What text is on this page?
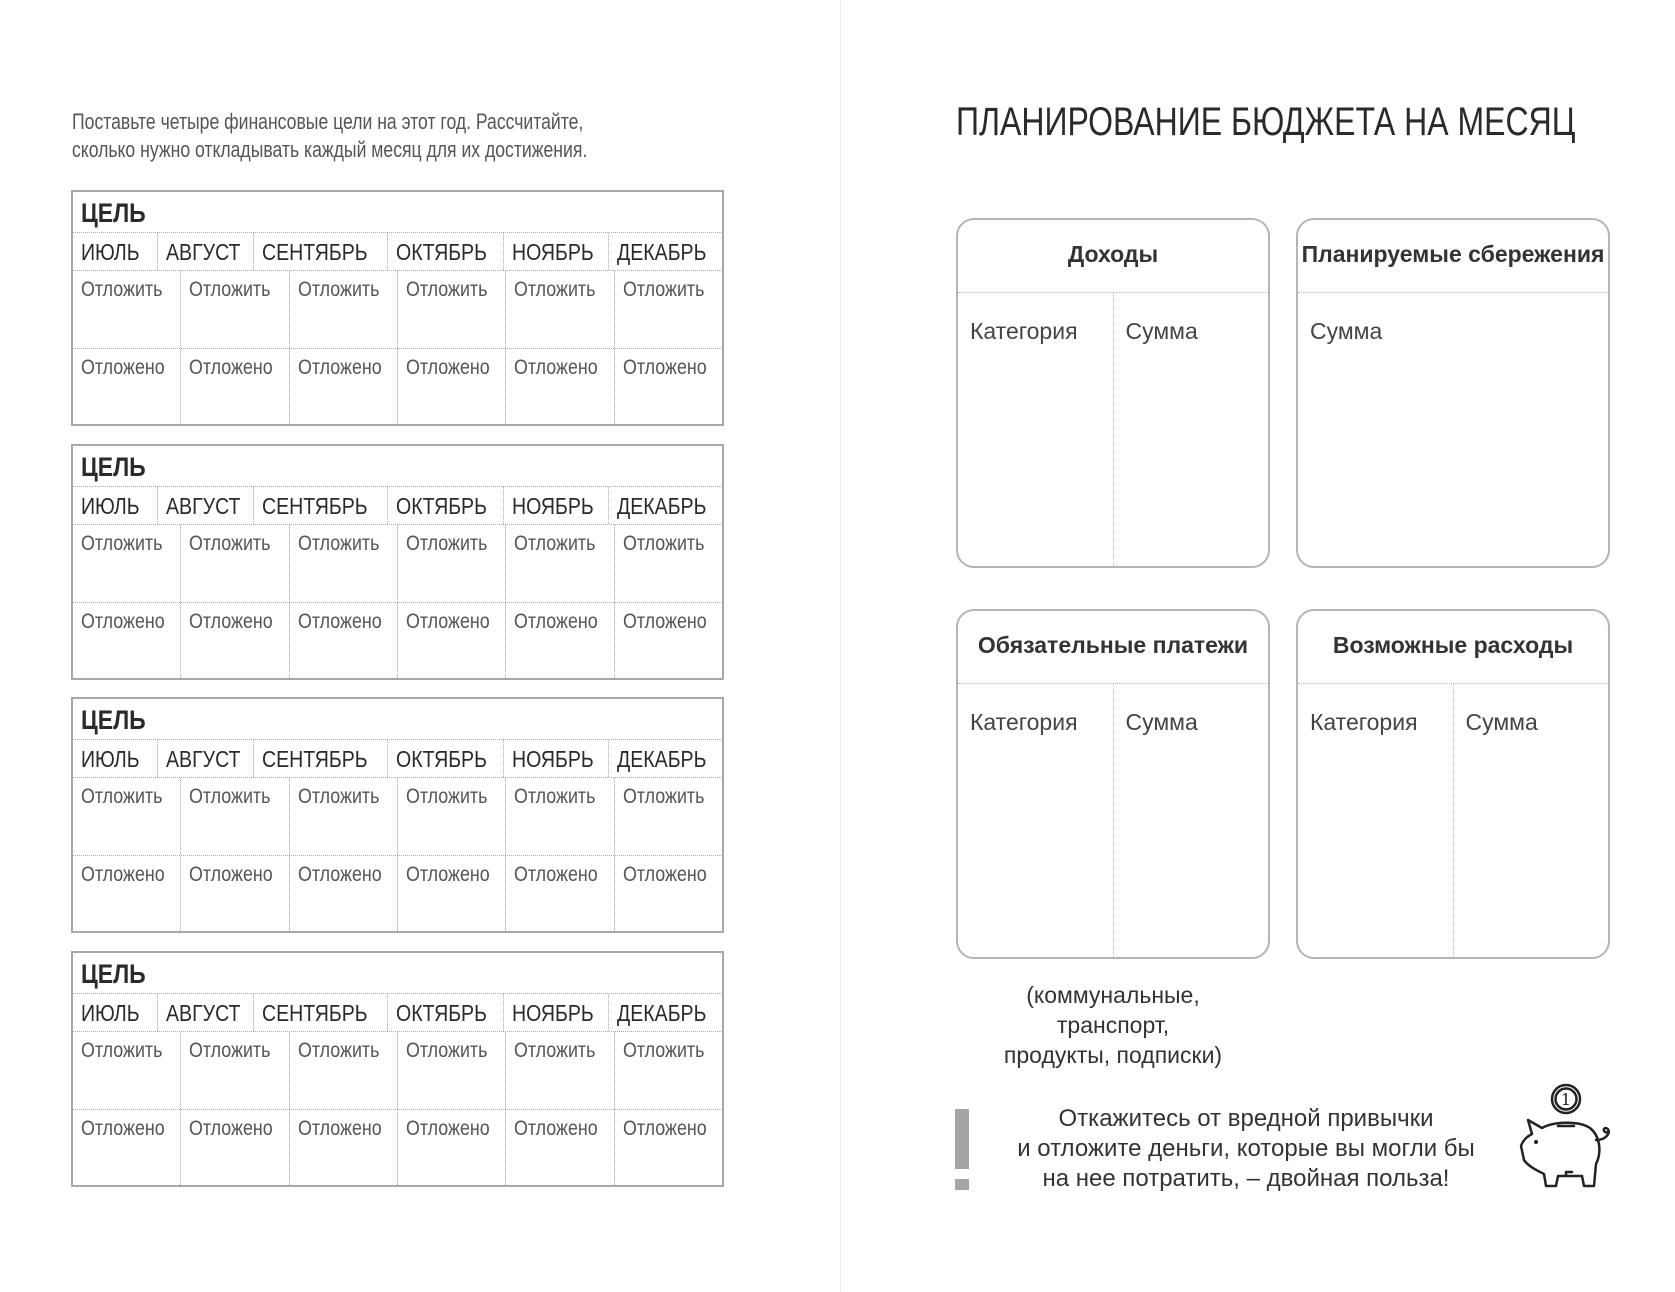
Поставьте четыре финансовые цели на этот год. Рассчитайте,
сколько нужно откладывать каждый месяц для их достижения.
ЦЕЛЬ
ИЮЛЬ	АВГУСТ СЕНТЯБРЬ	ОКТЯБРЬ	НОЯБРЬ	ДЕКАБРЬ
Отложить	Отложить	Отложить	Отложить	Отложить	Отложить
Отложено	Отложено	Отложено	Отложено	Отложено	Отложено
ЦЕЛЬ
ИЮЛЬ	АВГУСТ СЕНТЯБРЬ	ОКТЯБРЬ	НОЯБРЬ	ДЕКАБРЬ
Отложить	Отложить	Отложить	Отложить	Отложить	Отложить
Отложено	Отложено	Отложено	Отложено	Отложено	Отложено
ЦЕЛЬ
ИЮЛЬ	АВГУСТ СЕНТЯБРЬ	ОКТЯБРЬ	НОЯБРЬ	ДЕКАБРЬ
Отложить	Отложить	Отложить	Отложить	Отложить	Отложить
Отложено	Отложено	Отложено	Отложено	Отложено	Отложено
ЦЕЛЬ
ИЮЛЬ	АВГУСТ СЕНТЯБРЬ	ОКТЯБРЬ	НОЯБРЬ	ДЕКАБРЬ
Отложить	Отложить	Отложить	Отложить	Отложить	Отложить
Отложено	Отложено	Отложено	Отложено	Отложено	Отложено
ПЛАНИРОВАНИЕ БЮДЖЕТА НА МЕСЯЦ
Доходы
Категория	Сумма
Планируемые сбережения
Сумма
Обязательные платежи
Категория	Сумма
Возможные расходы
Категория	Сумма
(коммунальные,
транспорт,
продукты, подписки)
Откажитесь от вредной привычки
и отложите деньги, которые вы могли бы
на нее потратить, – двойная польза!
1
